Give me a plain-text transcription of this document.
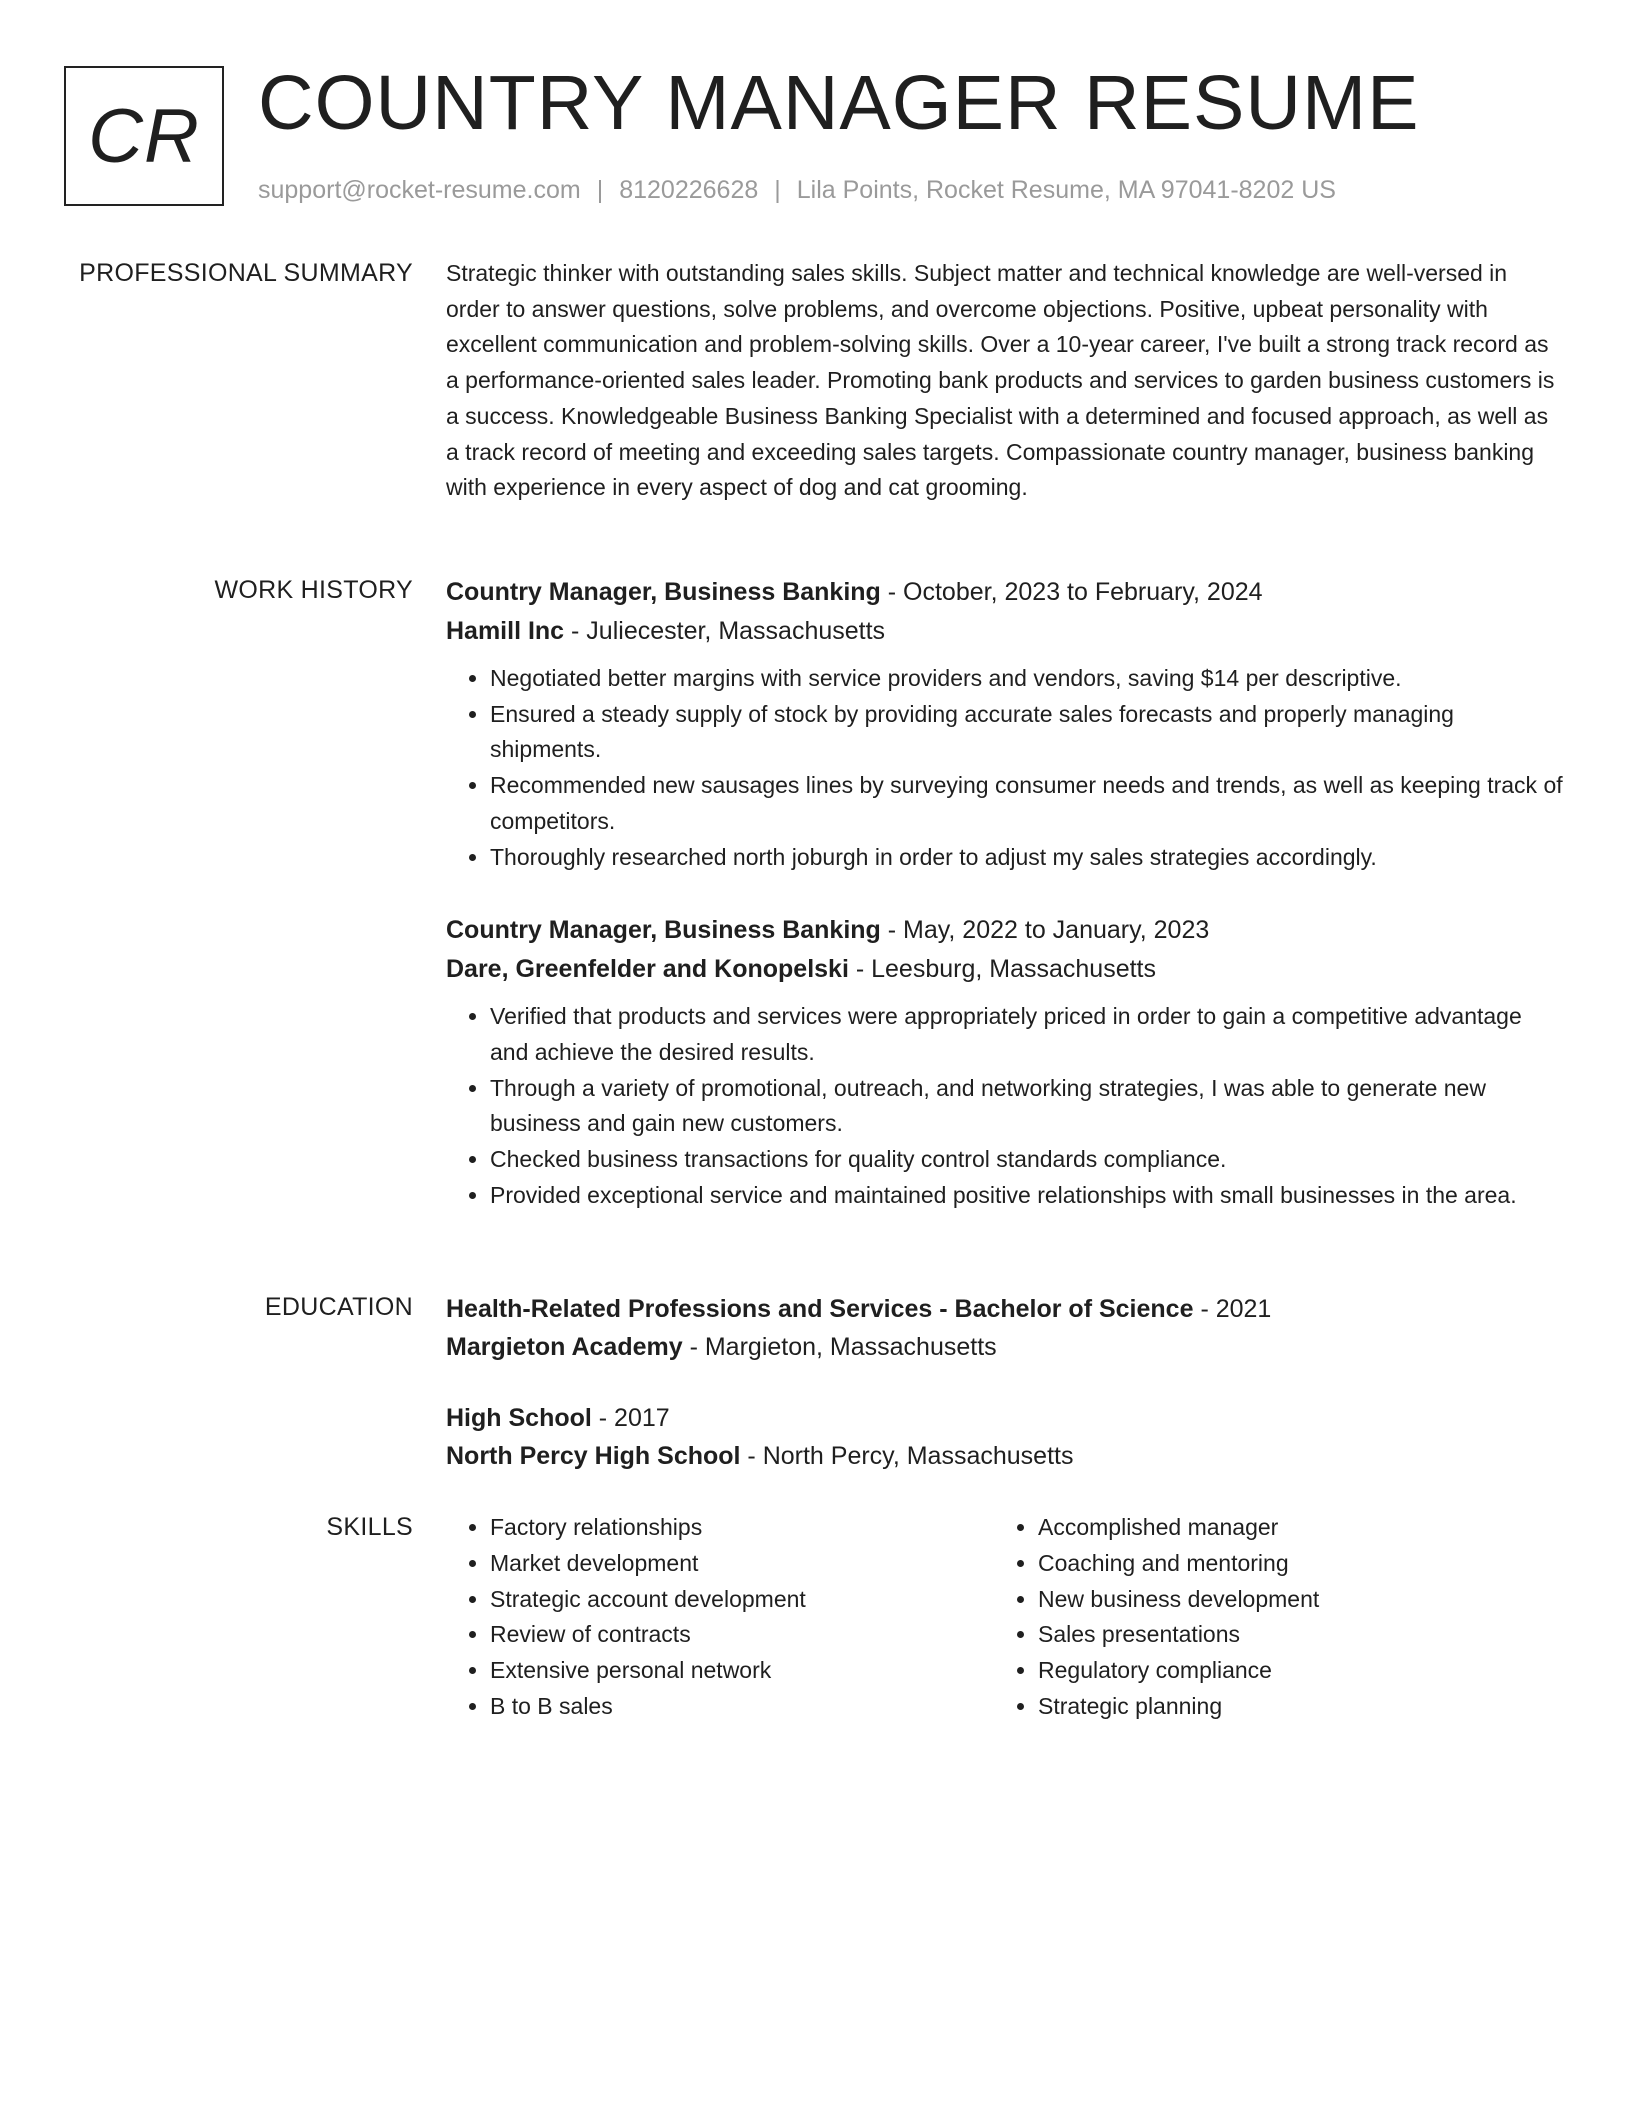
CR COUNTRY MANAGER RESUME
support@rocket-resume.com | 8120226628 | Lila Points, Rocket Resume, MA 97041-8202 US
PROFESSIONAL SUMMARY Strategic thinker with outstanding sales skills. Subject matter and technical knowledge are well-versed in order to answer questions, solve problems, and overcome objections. Positive, upbeat personality with excellent communication and problem-solving skills. Over a 10-year career, I've built a strong track record as a performance-oriented sales leader. Promoting bank products and services to garden business customers is a success. Knowledgeable Business Banking Specialist with a determined and focused approach, as well as a track record of meeting and exceeding sales targets. Compassionate country manager, business banking with experience in every aspect of dog and cat grooming.

WORK HISTORY Country Manager, Business Banking - October, 2023 to February, 2024
Hamill Inc - Juliecester, Massachusetts
• Negotiated better margins with service providers and vendors, saving $14 per descriptive.
• Ensured a steady supply of stock by providing accurate sales forecasts and properly managing shipments.
• Recommended new sausages lines by surveying consumer needs and trends, as well as keeping track of competitors.
• Thoroughly researched north joburgh in order to adjust my sales strategies accordingly.
Country Manager, Business Banking - May, 2022 to January, 2023
Dare, Greenfelder and Konopelski - Leesburg, Massachusetts
• Verified that products and services were appropriately priced in order to gain a competitive advantage and achieve the desired results.
• Through a variety of promotional, outreach, and networking strategies, I was able to generate new business and gain new customers.
• Checked business transactions for quality control standards compliance.
• Provided exceptional service and maintained positive relationships with small businesses in the area.
EDUCATION Health-Related Professions and Services - Bachelor of Science - 2021
Margieton Academy - Margieton, Massachusetts
High School - 2017
North Percy High School - North Percy, Massachusetts
SKILLS
•	Factory relationships
• Market development
• Strategic account development
• Review of contracts
• Extensive personal network
• B to B sales
• Accomplished manager
• Coaching and mentoring
• New business development
• Sales presentations
• Regulatory compliance
• Strategic planning
